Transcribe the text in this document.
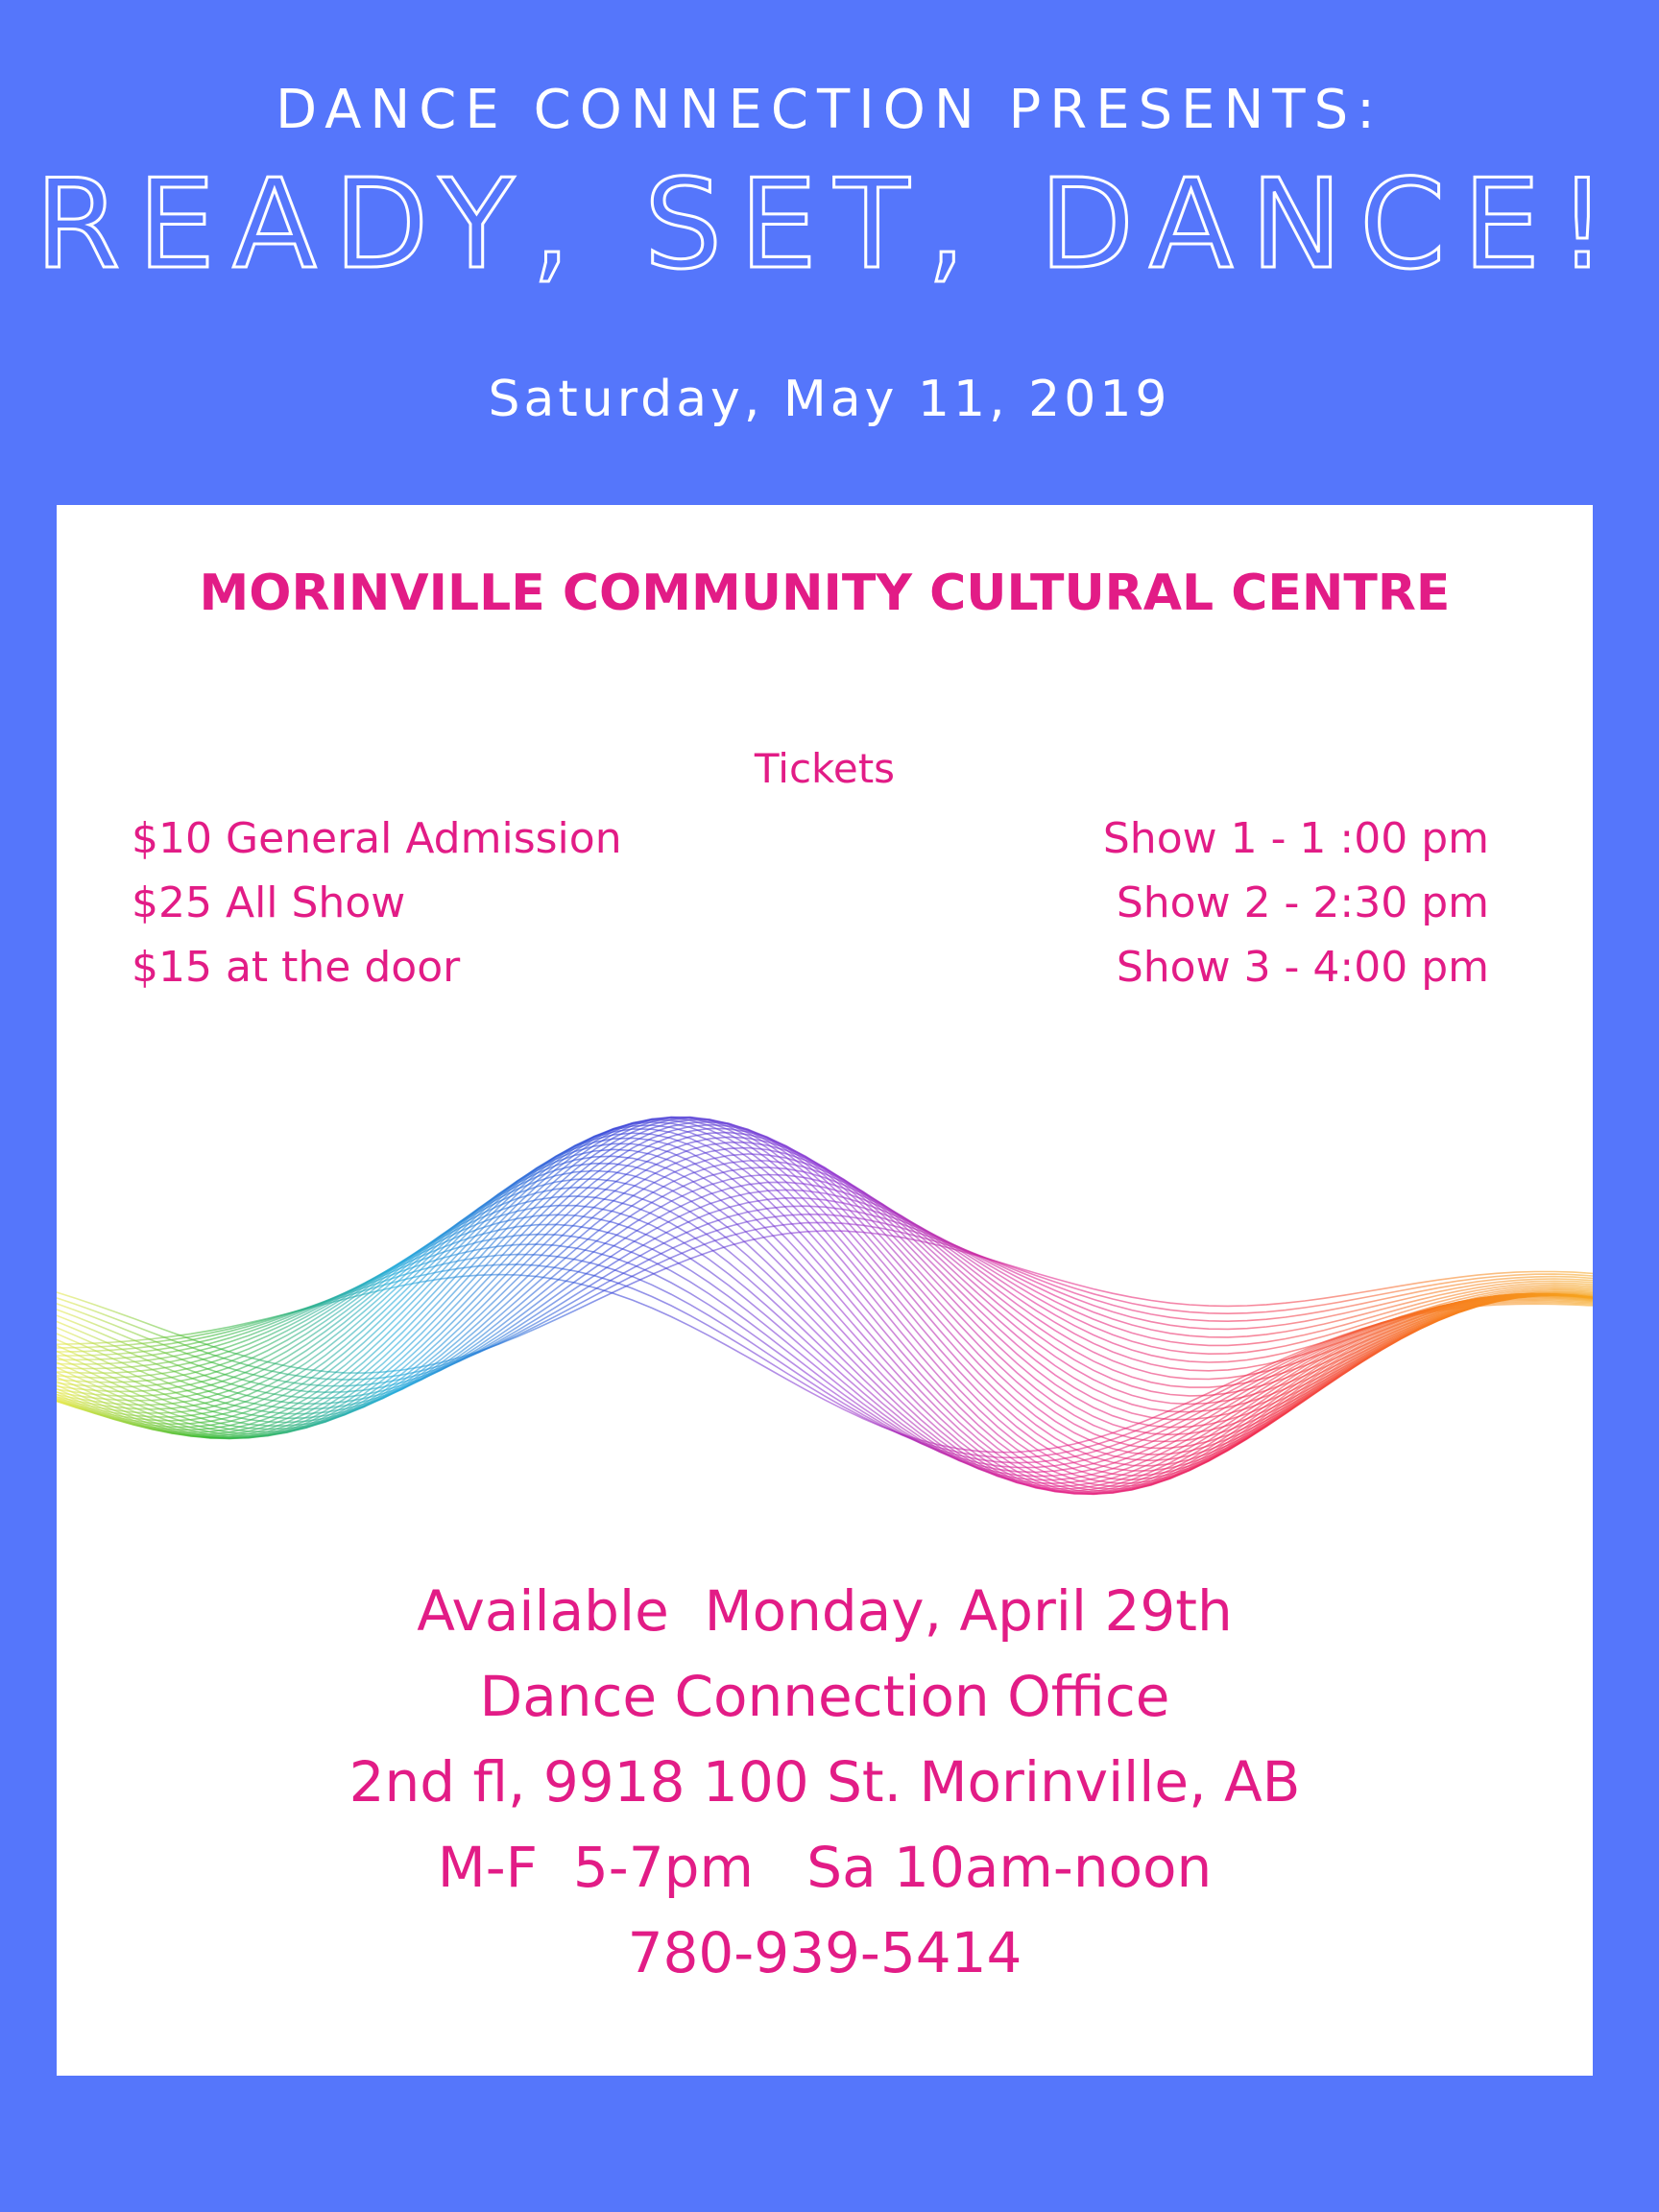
DANCE CONNECTION PRESENTS:
READY, SET, DANCE!
Saturday, May 11, 2019
MORINVILLE COMMUNITY CULTURAL CENTRE
Tickets
$10 General Admission
$25 All Show
$15 at the door
Show 1 - 1 :00 pm
Show 2 - 2:30 pm
Show 3 - 4:00 pm
Available  Monday, April 29th
Dance Connection Office
2nd fl, 9918 100 St. Morinville, AB
M-F  5-7pm   Sa 10am-noon
780-939-5414
